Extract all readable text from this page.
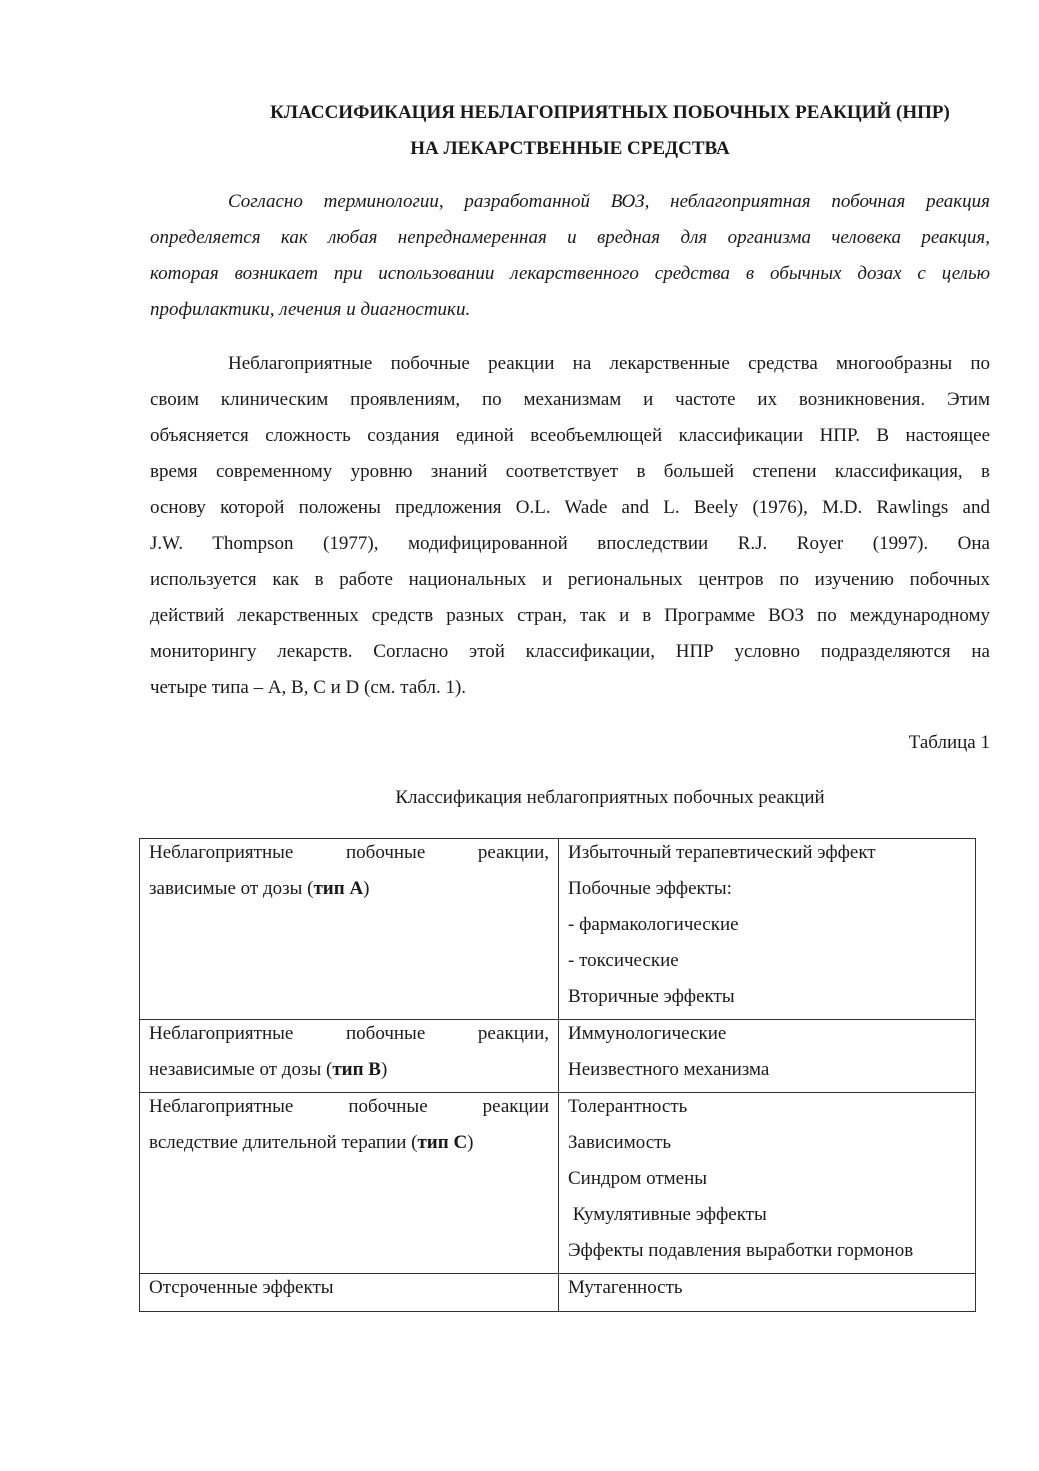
КЛАССИФИКАЦИЯ НЕБЛАГОПРИЯТНЫХ ПОБОЧНЫХ РЕАКЦИЙ (НПР)
НА ЛЕКАРСТВЕННЫЕ СРЕДСТВА
Согласно терминологии, разработанной ВОЗ, неблагоприятная побочная реакция
определяется как любая непреднамеренная и вредная для организма человека реакция,
которая возникает при использовании лекарственного средства в обычных дозах с целью
профилактики, лечения и диагностики.
Неблагоприятные побочные реакции на лекарственные средства многообразны по
своим клиническим проявлениям, по механизмам и частоте их возникновения. Этим
объясняется сложность создания единой всеобъемлющей классификации НПР. В настоящее
время современному уровню знаний соответствует в большей степени классификация, в
основу которой положены предложения O.L. Wade and L. Beely (1976), M.D. Rawlings and
J.W. Thompson (1977), модифицированной впоследствии R.J. Royer (1997). Она
используется как в работе национальных и региональных центров по изучению побочных
действий лекарственных средств разных стран, так и в Программе ВОЗ по международному
мониторингу лекарств. Согласно этой классификации, НПР условно подразделяются на
четыре типа – A, B, C и D (см. табл. 1).
Таблица 1
Классификация неблагоприятных побочных реакций
Неблагоприятные побочные реакции,
зависимые от дозы (тип А)	Избыточный терапевтический эффект
Побочные эффекты:
- фармакологические
- токсические
Вторичные эффекты

Неблагоприятные побочные реакции,
независимые от дозы (тип В)	Иммунологические
Неизвестного механизма

Неблагоприятные побочные реакции
вследствие длительной терапии (тип С)	Толерантность
Зависимость
Синдром отмены
Кумулятивные эффекты
Эффекты подавления выработки гормонов

Отсроченные эффекты	Мутагенность
